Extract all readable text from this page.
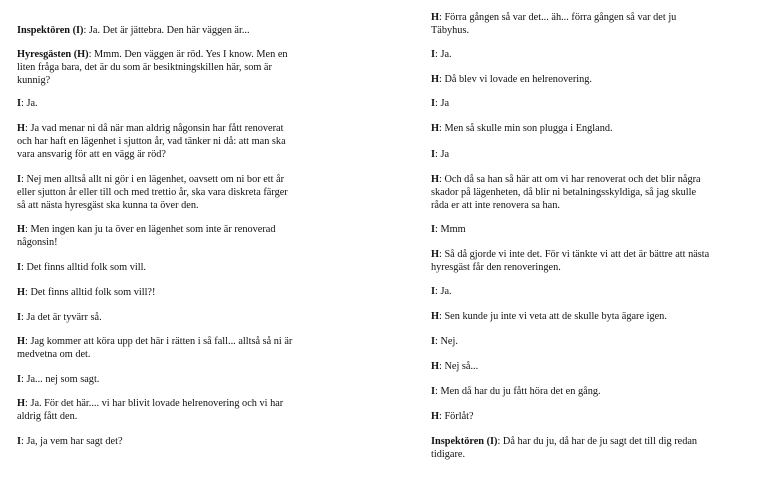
Inspektören (I): Ja. Det är jättebra. Den här väggen är...

Hyresgästen (H): Mmm. Den väggen är röd. Yes I know. Men en liten fråga bara, det är du som är besiktningskillen här, som är kunnig?

I: Ja.

H: Ja vad menar ni då när man aldrig någonsin har fått renoverat och har haft en lägenhet i sjutton år, vad tänker ni då: att man ska vara ansvarig för att en vägg är röd?

I: Nej men alltså allt ni gör i en lägenhet, oavsett om ni bor ett år eller sjutton år eller till och med trettio år, ska vara diskreta färger så att nästa hyresgäst ska kunna ta över den.

H: Men ingen kan ju ta över en lägenhet som inte är renoverad någonsin!

I: Det finns alltid folk som vill.

H: Det finns alltid folk som vill?!

I: Ja det är tyvärr så.

H: Jag kommer att köra upp det här i rätten i så fall... alltså så ni är medvetna om det.

I: Ja... nej som sagt.

H: Ja. För det här.... vi har blivit lovade helrenovering och vi har aldrig fått den.

I: Ja, ja vem har sagt det?

H: Förra gången så var det... äh... förra gången så var det ju Täbyhus.

I: Ja.

H: Då blev vi lovade en helrenovering.

I: Ja

H: Men så skulle min son plugga i England.

I: Ja

H: Och då sa han så här att om vi har renoverat och det blir några skador på lägenheten, då blir ni betalningsskyldiga, så jag skulle råda er att inte renovera sa han.

I: Mmm

H: Så då gjorde vi inte det. För vi tänkte vi att det är bättre att nästa hyresgäst får den renoveringen.

I: Ja.

H: Sen kunde ju inte vi veta att de skulle byta ägare igen.

I: Nej.

H: Nej så...

I: Men då har du ju fått höra det en gång.

H: Förlåt?

Inspektören (I): Då har du ju, då har de ju sagt det till dig redan tidigare.
